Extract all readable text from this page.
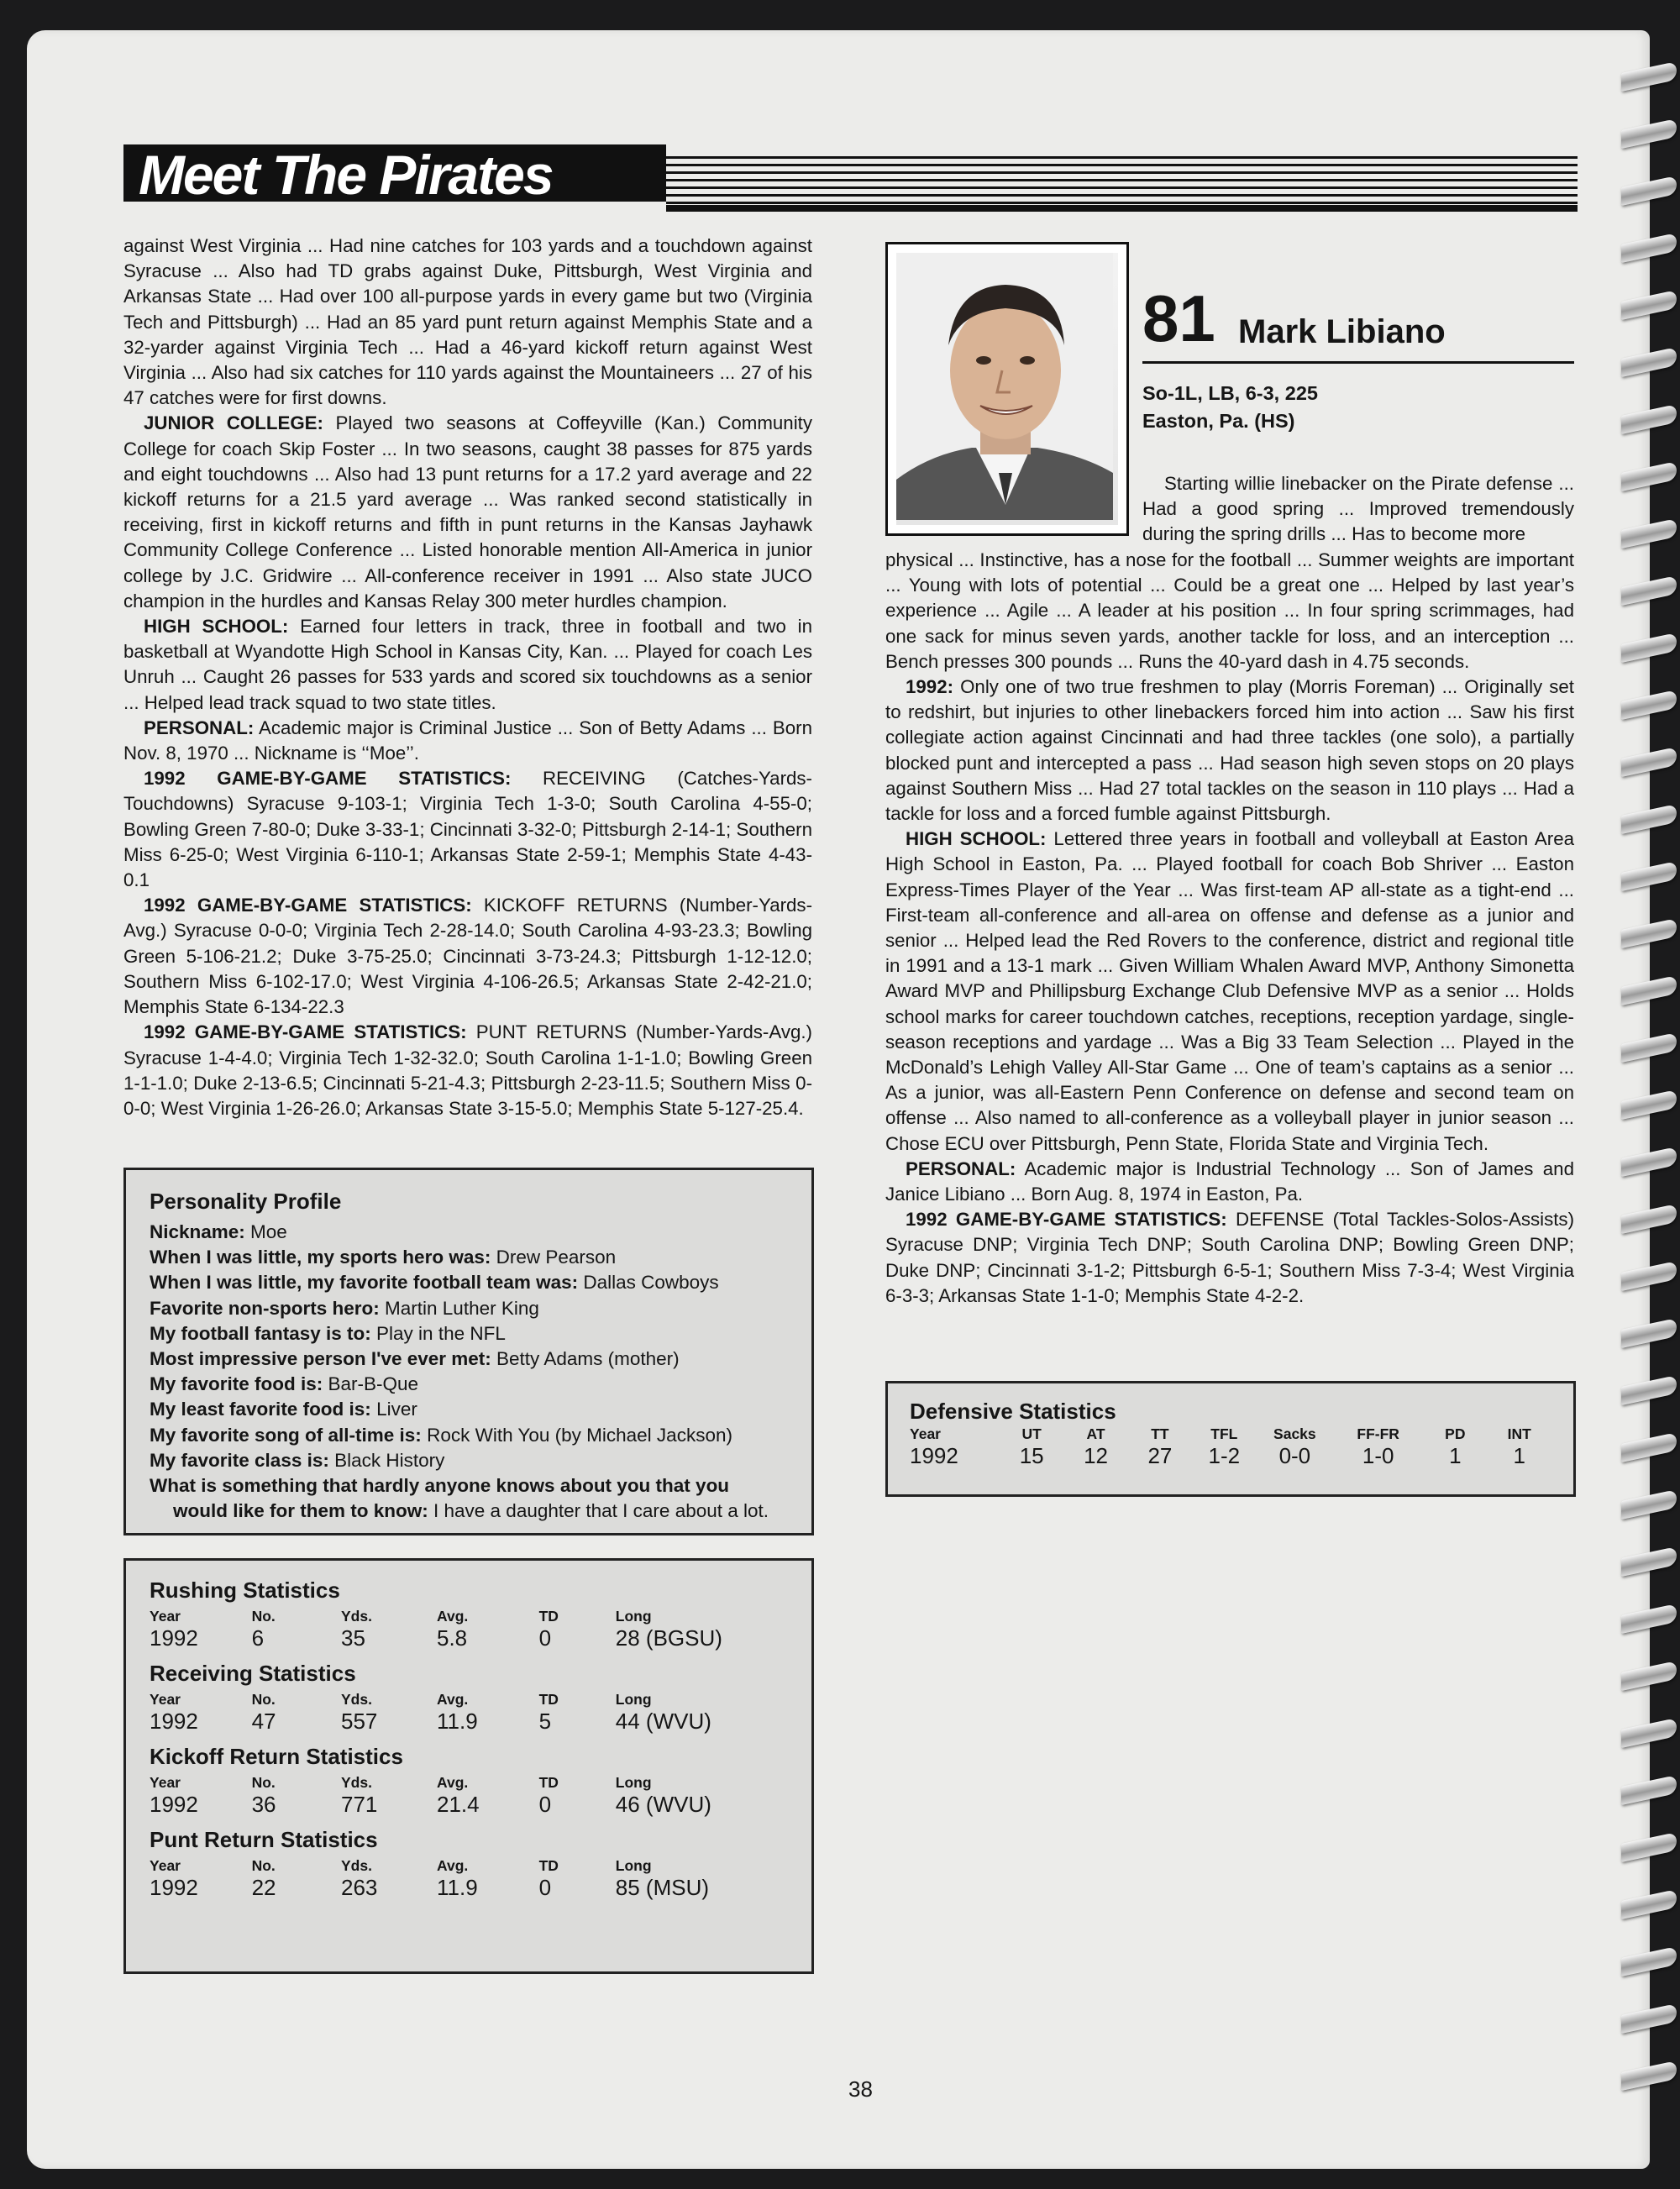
Meet The Pirates

against West Virginia ... Had nine catches for 103 yards and a touchdown against Syracuse ... Also had TD grabs against Duke, Pittsburgh, West Virginia and Arkansas State ... Had over 100 all-purpose yards in every game but two (Virginia Tech and Pittsburgh) ... Had an 85 yard punt return against Memphis State and a 32-yarder against Virginia Tech ... Had a 46-yard kickoff return against West Virginia ... Also had six catches for 110 yards against the Mountaineers ... 27 of his 47 catches were for first downs.

JUNIOR COLLEGE: Played two seasons at Coffeyville (Kan.) Community College for coach Skip Foster ... In two seasons, caught 38 passes for 875 yards and eight touchdowns ... Also had 13 punt returns for a 17.2 yard average and 22 kickoff returns for a 21.5 yard average ... Was ranked second statistically in receiving, first in kickoff returns and fifth in punt returns in the Kansas Jayhawk Community College Conference ... Listed honorable mention All-America in junior college by J.C. Gridwire ... All-conference receiver in 1991 ... Also state JUCO champion in the hurdles and Kansas Relay 300 meter hurdles champion.

HIGH SCHOOL: Earned four letters in track, three in football and two in basketball at Wyandotte High School in Kansas City, Kan. ... Played for coach Les Unruh ... Caught 26 passes for 533 yards and scored six touchdowns as a senior ... Helped lead track squad to two state titles.

PERSONAL: Academic major is Criminal Justice ... Son of Betty Adams ... Born Nov. 8, 1970 ... Nickname is ‘‘Moe’’.

1992 GAME-BY-GAME STATISTICS: RECEIVING (Catches-Yards-Touchdowns) Syracuse 9-103-1; Virginia Tech 1-3-0; South Carolina 4-55-0; Bowling Green 7-80-0; Duke 3-33-1; Cincinnati 3-32-0; Pittsburgh 2-14-1; Southern Miss 6-25-0; West Virginia 6-110-1; Arkansas State 2-59-1; Memphis State 4-43-0.1

1992 GAME-BY-GAME STATISTICS: KICKOFF RETURNS (Number-Yards-Avg.) Syracuse 0-0-0; Virginia Tech 2-28-14.0; South Carolina 4-93-23.3; Bowling Green 5-106-21.2; Duke 3-75-25.0; Cincinnati 3-73-24.3; Pittsburgh 1-12-12.0; Southern Miss 6-102-17.0; West Virginia 4-106-26.5; Arkansas State 2-42-21.0; Memphis State 6-134-22.3

1992 GAME-BY-GAME STATISTICS: PUNT RETURNS (Number-Yards-Avg.) Syracuse 1-4-4.0; Virginia Tech 1-32-32.0; South Carolina 1-1-1.0; Bowling Green 1-1-1.0; Duke 2-13-6.5; Cincinnati 5-21-4.3; Pittsburgh 2-23-11.5; Southern Miss 0-0-0; West Virginia 1-26-26.0; Arkansas State 3-15-5.0; Memphis State 5-127-25.4.

Personality Profile
Nickname: Moe
When I was little, my sports hero was: Drew Pearson
When I was little, my favorite football team was: Dallas Cowboys
Favorite non-sports hero: Martin Luther King
My football fantasy is to: Play in the NFL
Most impressive person I've ever met: Betty Adams (mother)
My favorite food is: Bar-B-Que
My least favorite food is: Liver
My favorite song of all-time is: Rock With You (by Michael Jackson)
My favorite class is: Black History
What is something that hardly anyone knows about you that you
would like for them to know: I have a daughter that I care about a lot.
Rushing Statistics
Year	No.	Yds.	Avg.	TD	Long
1992	6	35	5.8	0	28 (BGSU)
Receiving Statistics
Year	No.	Yds.	Avg.	TD	Long
1992	47	557	11.9	5	44 (WVU)
Kickoff Return Statistics
Year	No.	Yds.	Avg.	TD	Long
1992	36	771	21.4	0	46 (WVU)
Punt Return Statistics
Year	No.	Yds.	Avg.	TD	Long
1992	22	263	11.9	0	85 (MSU)
81 Mark Libiano
So-1L, LB, 6-3, 225
Easton, Pa. (HS)

Starting willie linebacker on the Pirate defense ... Had a good spring ... Improved tremendously during the spring drills ... Has to become more

physical ... Instinctive, has a nose for the football ... Summer weights are important ... Young with lots of potential ... Could be a great one ... Helped by last year’s experience ... Agile ... A leader at his position ... In four spring scrimmages, had one sack for minus seven yards, another tackle for loss, and an interception ... Bench presses 300 pounds ... Runs the 40-yard dash in 4.75 seconds.

1992: Only one of two true freshmen to play (Morris Foreman) ... Originally set to redshirt, but injuries to other linebackers forced him into action ... Saw his first collegiate action against Cincinnati and had three tackles (one solo), a partially blocked punt and intercepted a pass ... Had season high seven stops on 20 plays against Southern Miss ... Had 27 total tackles on the season in 110 plays ... Had a tackle for loss and a forced fumble against Pittsburgh.

HIGH SCHOOL: Lettered three years in football and volleyball at Easton Area High School in Easton, Pa. ... Played football for coach Bob Shriver ... Easton Express-Times Player of the Year ... Was first-team AP all-state as a tight-end ... First-team all-conference and all-area on offense and defense as a junior and senior ... Helped lead the Red Rovers to the conference, district and regional title in 1991 and a 13-1 mark ... Given William Whalen Award MVP, Anthony Simonetta Award MVP and Phillipsburg Exchange Club Defensive MVP as a senior ... Holds school marks for career touchdown catches, receptions, reception yardage, single-season receptions and yardage ... Was a Big 33 Team Selection ... Played in the McDonald’s Lehigh Valley All-Star Game ... One of team’s captains as a senior ... As a junior, was all-Eastern Penn Conference on defense and second team on offense ... Also named to all-conference as a volleyball player in junior season ... Chose ECU over Pittsburgh, Penn State, Florida State and Virginia Tech.

PERSONAL: Academic major is Industrial Technology ... Son of James and Janice Libiano ... Born Aug. 8, 1974 in Easton, Pa.

1992 GAME-BY-GAME STATISTICS: DEFENSE (Total Tackles-Solos-Assists) Syracuse DNP; Virginia Tech DNP; South Carolina DNP; Bowling Green DNP; Duke DNP; Cincinnati 3-1-2; Pittsburgh 6-5-1; Southern Miss 7-3-4; West Virginia 6-3-3; Arkansas State 1-1-0; Memphis State 4-2-2.

Defensive Statistics
Year	UT	AT	TT	TFL	Sacks	FF-FR	PD	INT
1992	15	12	27	1-2	0-0	1-0	1	1
38
